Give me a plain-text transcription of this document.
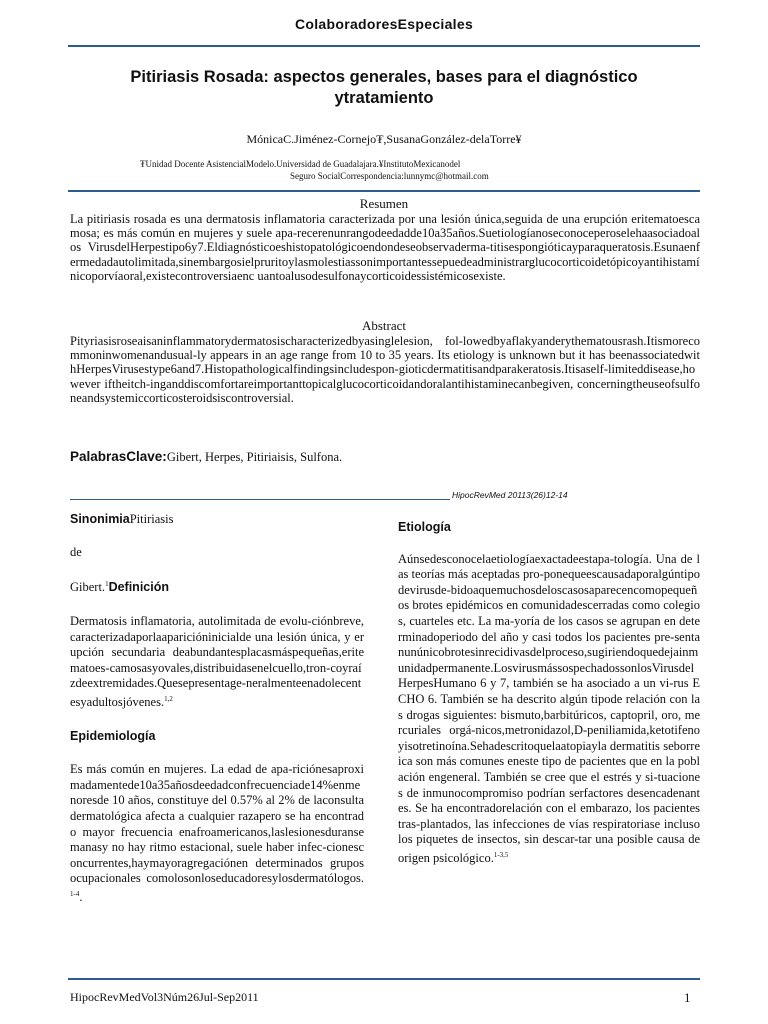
ColaboradoresEspeciales
Pitiriasis Rosada: aspectos generales, bases para el diagnóstico ytratamiento
MónicaC.Jiménez-Cornejo₮,SusanaGonzález-delaTorre¥
₮Unidad Docente AsistencialModelo.Universidad de Guadalajara.¥InstitutoMexicanodel
Seguro SocialCorrespondencia:lunnymc@hotmail.com
Resumen
La pitiriasis rosada es una dermatosis inflamatoria caracterizada por una lesión única,seguida de una erupción eritematoescamosa; es más común en mujeres y suele apa-recerenunrangodeedadde10a35años.Suetiologíanoseconoceperoselehaasociadoalos VirusdelHerpestipo6y7.Eldiagnósticoeshistopatológicoendondeseobservaderma-titisespongióticayparaqueratosis.Esunaenfermedadautolimitada,sinembargosielpruritoylasmolestiassonimportantessepuedeadministrarglucocorticoidetópicoyantihistamínicoporvíaoral,existecontroversiaenc uantoalusodesulfonaycorticoidessistémicosexiste.
Abstract
Pityriasisroseaisaninflammatorydermatosischaracterizedbyasinglelesion, fol-lowedbyaflakyanderythematousrash.Itismorecommoninwomenandusual-ly appears in an age range from 10 to 35 years. Its etiology is unknown but it has beenassociatedwithHerpesVirusestype6and7.Histopathologicalfindingsincludespon-gioticdermatitisandparakeratosis.Itisaself-limiteddisease,however iftheitch-inganddiscomfortareimportanttopicalglucocorticoidandoralantihistaminecanbegiven, concerningtheuseofsulfoneandsystemiccorticosteroidsiscontroversial.
PalabrasClave:Gibert, Herpes, Pitiriaisis, Sulfona.
HipocRevMed 20113(26)12-14

SinonimiaPitiriasis

de

Gibert.$^1$Definición

Dermatosis inflamatoria, autolimitada de evolu-ciónbreve,caracterizadaporlaaparicióninicialde una lesión única, y erupción secundaria deabundantesplacasmáspequeñas,eritematoes-camosasyovales,distribuidasenelcuello,tron-coyraízdeextremidades.Quesepresentage-neralmenteenadolecentesyadultosjóvenes.$^{1,2}$

Epidemiología

Es más común en mujeres. La edad de apa-riciónesaproximadamentede10a35añosdeedadconfrecuenciade14%enmenoresde 10 años, constituye del 0.57% al 2% de laconsulta dermatológica afecta a cualquier razapero se ha encontrado mayor frecuencia enafroamericanos,laslesionesduransemanasy no hay ritmo estacional, suele haber infec-cionesconcurrentes,haymayoragregaciónen determinados grupos ocupacionales comolosonloseducadoresylosdermatólogos.$^{1-4}$.

Etiología

Aúnsedesconocelaetiologíaexactadeestapa-tología. Una de las teorías más aceptadas pro-ponequeescausadaporalgúntipodevirusde-bidoaquemuchosdeloscasosaparecencomopequeños brotes epidémicos en comunidadescerradas como colegios, cuarteles etc. La ma-yoría de los casos se agrupan en determinadoperiodo del año y casi todos los pacientes pre-sentanunúnicobrotesinrecidivasdelproceso,sugiriendoquedejainmunidadpermanente.LosvirusmássospechadossonlosVirusdelHerpesHumano 6 y 7, también se ha asociado a un vi-rus ECHO 6. También se ha descrito algún tipode relación con las drogas siguientes: bismuto,barbitúricos, captopril, oro, mercuriales orgá-nicos,metronidazol,D-peniliamida,ketotifenoyisotretinoína.Sehadescritoquelaatopiayla dermatitis seborreica son más comunes eneste tipo de pacientes que en la población engeneral. También se cree que el estrés y si-tuaciones de inmunocompromiso podrían serfactores desencadenantes. Se ha encontradorelación con el embarazo, los pacientes tras-plantados, las infecciones de vías respiratoriase incluso los piquetes de insectos, sin descar-tar una posible causa de origen psicológico.$^{1-3,5}$

HipocRevMedVol3Núm26Jul-Sep2011	1
